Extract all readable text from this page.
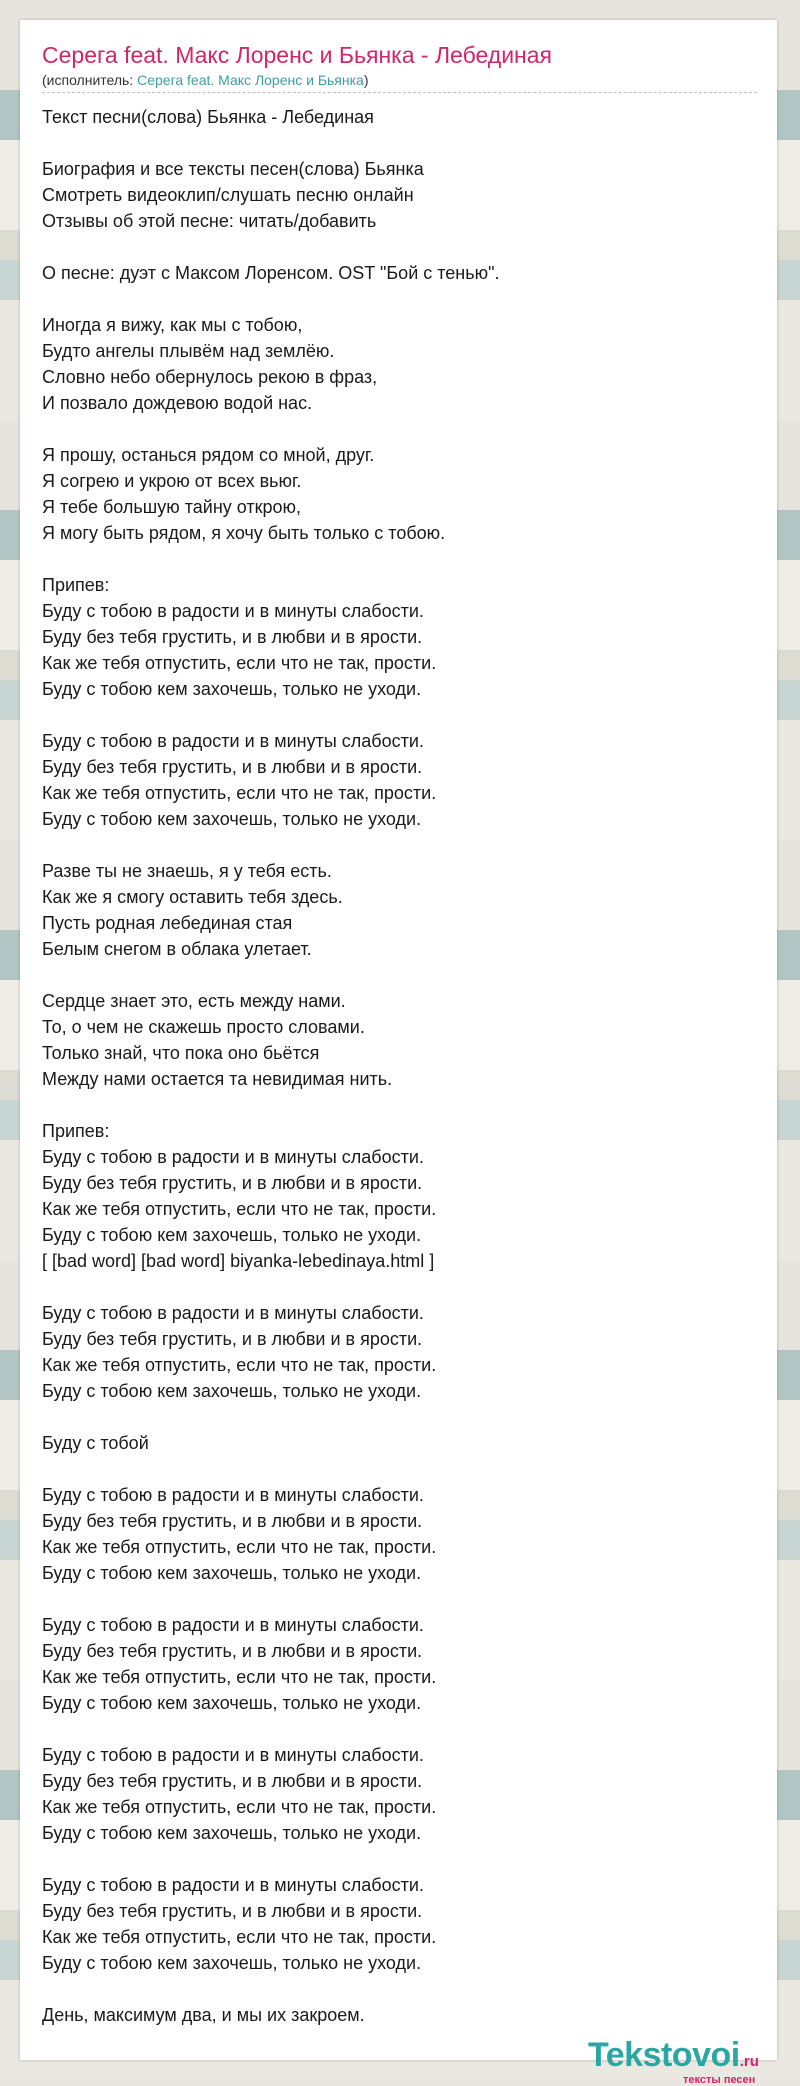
Серега feat. Макс Лоренс и Бьянка - Лебединая
(исполнитель: Серега feat. Макс Лоренс и Бьянка)
Текст песни(слова) Бьянка - Лебединая

Биография и все тексты песен(слова) Бьянка
Смотреть видеоклип/слушать песню онлайн
Отзывы об этой песне: читать/добавить

О песне: дуэт с Максом Лоренсом. OST "Бой с тенью".

Иногда я вижу, как мы с тобою,
Будто ангелы плывём над землёю.
Словно небо обернулось рекою в фраз,
И позвало дождевою водой нас.

Я прошу, останься рядом со мной, друг.
Я согрею и укрою от всех вьюг.
Я тебе большую тайну открою,
Я могу быть рядом, я хочу быть только с тобою.

Припев:
Буду с тобою в радости и в минуты слабости.
Буду без тебя грустить, и в любви и в ярости.
Как же тебя отпустить, если что не так, прости.
Буду с тобою кем захочешь, только не уходи.

Буду с тобою в радости и в минуты слабости.
Буду без тебя грустить, и в любви и в ярости.
Как же тебя отпустить, если что не так, прости.
Буду с тобою кем захочешь, только не уходи.

Разве ты не знаешь, я у тебя есть.
Как же я смогу оставить тебя здесь.
Пусть родная лебединая стая
Белым снегом в облака улетает.

Сердце знает это, есть между нами.
То, о чем не скажешь просто словами.
Только знай, что пока оно бьётся
Между нами остается та невидимая нить.

Припев:
Буду с тобою в радости и в минуты слабости.
Буду без тебя грустить, и в любви и в ярости.
Как же тебя отпустить, если что не так, прости.
Буду с тобою кем захочешь, только не уходи.
[ [bad word] [bad word] biyanka-lebedinaya.html ]

Буду с тобою в радости и в минуты слабости.
Буду без тебя грустить, и в любви и в ярости.
Как же тебя отпустить, если что не так, прости.
Буду с тобою кем захочешь, только не уходи.

Буду с тобой

Буду с тобою в радости и в минуты слабости.
Буду без тебя грустить, и в любви и в ярости.
Как же тебя отпустить, если что не так, прости.
Буду с тобою кем захочешь, только не уходи.

Буду с тобою в радости и в минуты слабости.
Буду без тебя грустить, и в любви и в ярости.
Как же тебя отпустить, если что не так, прости.
Буду с тобою кем захочешь, только не уходи.

Буду с тобою в радости и в минуты слабости.
Буду без тебя грустить, и в любви и в ярости.
Как же тебя отпустить, если что не так, прости.
Буду с тобою кем захочешь, только не уходи.

Буду с тобою в радости и в минуты слабости.
Буду без тебя грустить, и в любви и в ярости.
Как же тебя отпустить, если что не так, прости.
Буду с тобою кем захочешь, только не уходи.

День, максимум два, и мы их закроем.
Tekstovoi.ru
тексты песен
